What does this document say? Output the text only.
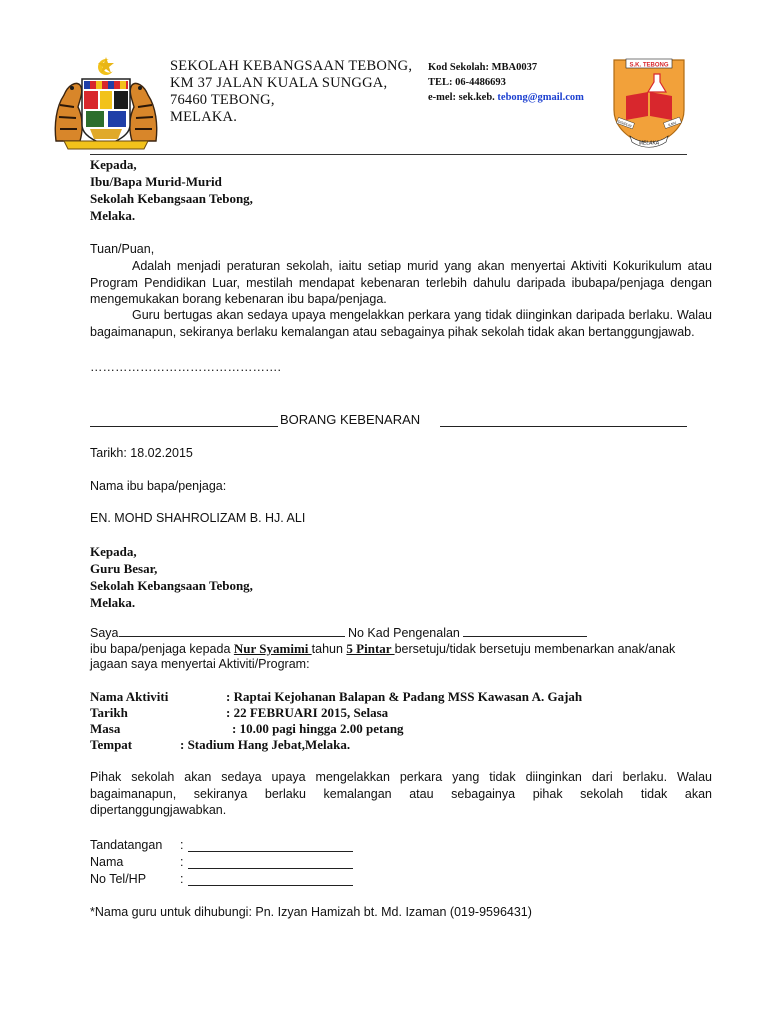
SEKOLAH KEBANGSAAN TEBONG,
KM 37 JALAN KUALA SUNGGA,
76460 TEBONG,
MELAKA.
Kod Sekolah: MBA0037
TEL: 06-4486693
e-mel: sek.keb. tebong@gmail.com
S.K. TEBONG
DISIPLIN	ILMU
MELAKA
Kepada,
Ibu/Bapa Murid-Murid
Sekolah Kebangsaan Tebong,
Melaka.
Tuan/Puan,
Adalah menjadi peraturan sekolah, iaitu setiap murid yang akan menyertai Aktiviti Kokurikulum atau Program Pendidikan Luar, mestilah mendapat kebenaran terlebih dahulu daripada ibubapa/penjaga dengan mengemukakan borang kebenaran ibu bapa/penjaga.
Guru bertugas akan sedaya upaya mengelakkan perkara yang tidak diinginkan daripada berlaku. Walau bagaimanapun, sekiranya berlaku kemalangan atau sebagainya pihak sekolah tidak akan bertanggungjawab.
……………………………………….
BORANG KEBENARAN
Tarikh: 18.02.2015
Nama ibu bapa/penjaga:
EN. MOHD SHAHROLIZAM B. HJ. ALI
Kepada,
Guru Besar,
Sekolah Kebangsaan Tebong,
Melaka.
Saya	No Kad Pengenalan
ibu bapa/penjaga kepada Nur Syamimi tahun 5 Pintar bersetuju/tidak bersetuju membenarkan anak/anak
jagaan saya menyertai Aktiviti/Program:
Nama Aktiviti	: Raptai Kejohanan Balapan & Padang MSS Kawasan A. Gajah
Tarikh	: 22 FEBRUARI 2015, Selasa
Masa	: 10.00 pagi hingga 2.00 petang
Tempat	: Stadium Hang Jebat,Melaka.
Pihak sekolah akan sedaya upaya mengelakkan perkara yang tidak diinginkan dari berlaku. Walau bagaimanapun, sekiranya berlaku kemalangan atau sebagainya pihak sekolah tidak akan dipertanggungjawabkan.
Tandatangan :
Nama	:
No Tel/HP	:
*Nama guru untuk dihubungi: Pn. Izyan Hamizah bt. Md. Izaman (019-9596431)
